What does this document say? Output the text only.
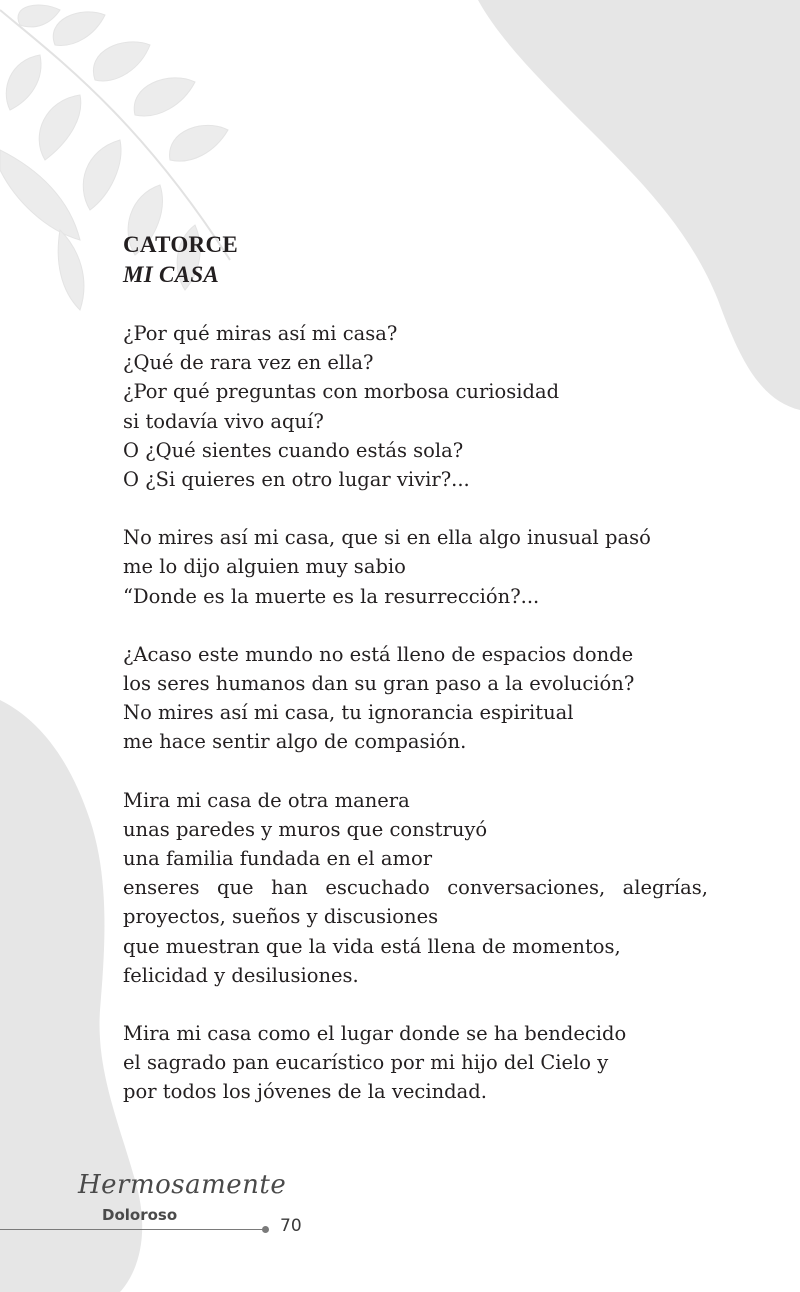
CATORCE

MI CASA

¿Por qué miras así mi casa?
¿Qué de rara vez en ella?
¿Por qué preguntas con morbosa curiosidad
si todavía vivo aquí?
O ¿Qué sientes cuando estás sola?
O ¿Si quieres en otro lugar vivir?...
No mires así mi casa, que si en ella algo inusual pasó
me lo dijo alguien muy sabio
“Donde es la muerte es la resurrección?...
¿Acaso este mundo no está lleno de espacios donde
los seres humanos dan su gran paso a la evolución?
No mires así mi casa, tu ignorancia espiritual
me hace sentir algo de compasión.
Mira mi casa de otra manera
unas paredes y muros que construyó
una familia fundada en el amor
enseres que han escuchado conversaciones, alegrías,
proyectos, sueños y discusiones
que muestran que la vida está llena de momentos,
felicidad y desilusiones.
Mira mi casa como el lugar donde se ha bendecido
el sagrado pan eucarístico por mi hijo del Cielo y
por todos los jóvenes de la vecindad.
Hermosamente
Doloroso
70
